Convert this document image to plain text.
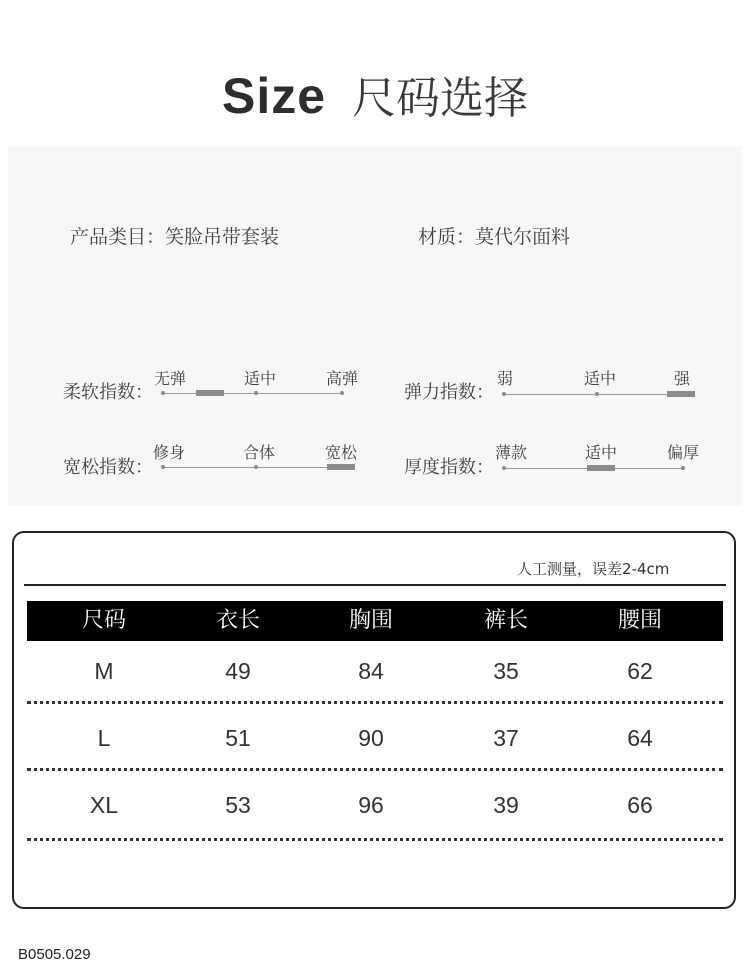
Size 尺码选择
产品类目：笑脸吊带套装	材质：莫代尔面料
柔软指数：
无弹	适中	高弹
弹力指数：
弱	适中	强
宽松指数：
修身	合体	宽松
厚度指数：
薄款	适中	偏厚
人工测量，误差2-4cm
尺码	衣长	胸围	裤长	腰围
M	49	84	35	62
L	51	90	37	64
XL	53	96	39	66
B0505.029
